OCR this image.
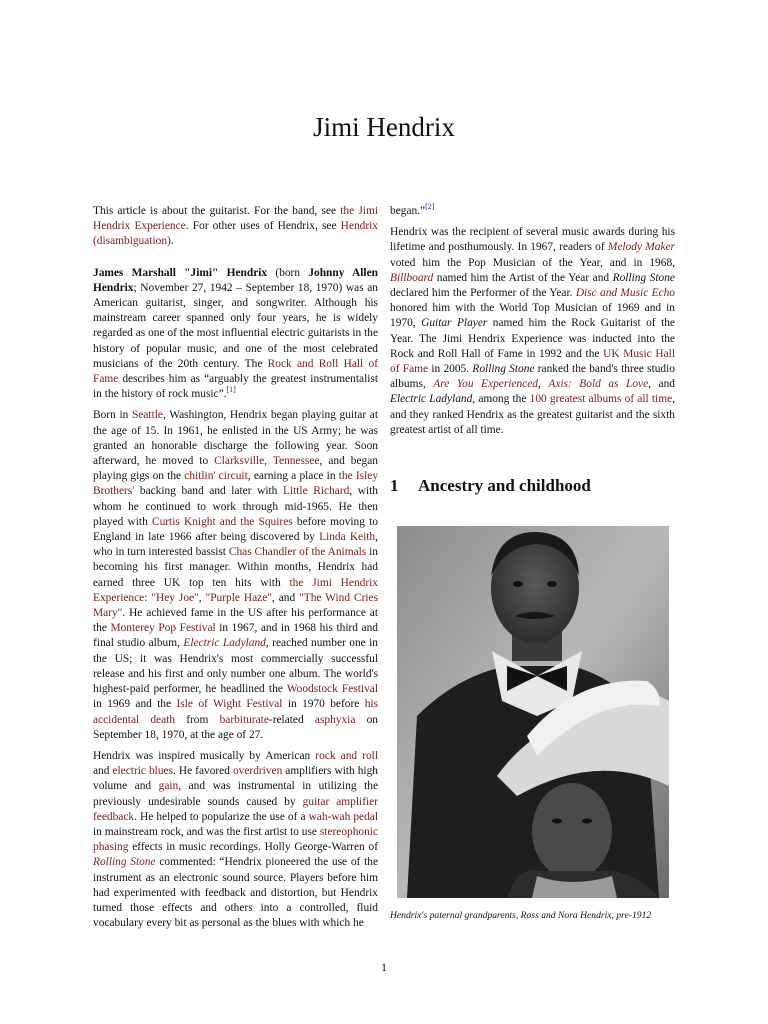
Jimi Hendrix

This article is about the guitarist. For the band, see the Jimi Hendrix Experience. For other uses of Hendrix, see Hendrix (disambiguation).

James Marshall "Jimi" Hendrix (born Johnny Allen Hendrix; November 27, 1942 – September 18, 1970) was an American guitarist, singer, and songwriter. Although his mainstream career spanned only four years, he is widely regarded as one of the most influential electric guitarists in the history of popular music, and one of the most celebrated musicians of the 20th century. The Rock and Roll Hall of Fame describes him as “arguably the greatest instrumentalist in the history of rock music”.[1]

Born in Seattle, Washington, Hendrix began playing guitar at the age of 15. In 1961, he enlisted in the US Army; he was granted an honorable discharge the following year. Soon afterward, he moved to Clarksville, Tennessee, and began playing gigs on the chitlin' circuit, earning a place in the Isley Brothers' backing band and later with Little Richard, with whom he continued to work through mid-1965. He then played with Curtis Knight and the Squires before moving to England in late 1966 after being discovered by Linda Keith, who in turn interested bassist Chas Chandler of the Animals in becoming his first manager. Within months, Hendrix had earned three UK top ten hits with the Jimi Hendrix Experience: "Hey Joe", "Purple Haze", and "The Wind Cries Mary". He achieved fame in the US after his performance at the Monterey Pop Festival in 1967, and in 1968 his third and final studio album, Electric Ladyland, reached number one in the US; it was Hendrix's most commercially successful release and his first and only number one album. The world's highest-paid performer, he headlined the Woodstock Festival in 1969 and the Isle of Wight Festival in 1970 before his accidental death from barbiturate-related asphyxia on September 18, 1970, at the age of 27.

Hendrix was inspired musically by American rock and roll and electric blues. He favored overdriven amplifiers with high volume and gain, and was instrumental in utilizing the previously undesirable sounds caused by guitar amplifier feedback. He helped to popularize the use of a wah-wah pedal in mainstream rock, and was the first artist to use stereophonic phasing effects in music recordings. Holly George-Warren of Rolling Stone commented: “Hendrix pioneered the use of the instrument as an electronic sound source. Players before him had experimented with feedback and distortion, but Hendrix turned those effects and others into a controlled, fluid vocabulary every bit as personal as the blues with which he

began.”[2]

Hendrix was the recipient of several music awards during his lifetime and posthumously. In 1967, readers of Melody Maker voted him the Pop Musician of the Year, and in 1968, Billboard named him the Artist of the Year and Rolling Stone declared him the Performer of the Year. Disc and Music Echo honored him with the World Top Musician of 1969 and in 1970, Guitar Player named him the Rock Guitarist of the Year. The Jimi Hendrix Experience was inducted into the Rock and Roll Hall of Fame in 1992 and the UK Music Hall of Fame in 2005. Rolling Stone ranked the band's three studio albums, Are You Experienced, Axis: Bold as Love, and Electric Ladyland, among the 100 greatest albums of all time, and they ranked Hendrix as the greatest guitarist and the sixth greatest artist of all time.

1 Ancestry and childhood
Hendrix's paternal grandparents, Ross and Nora Hendrix, pre-1912
1
